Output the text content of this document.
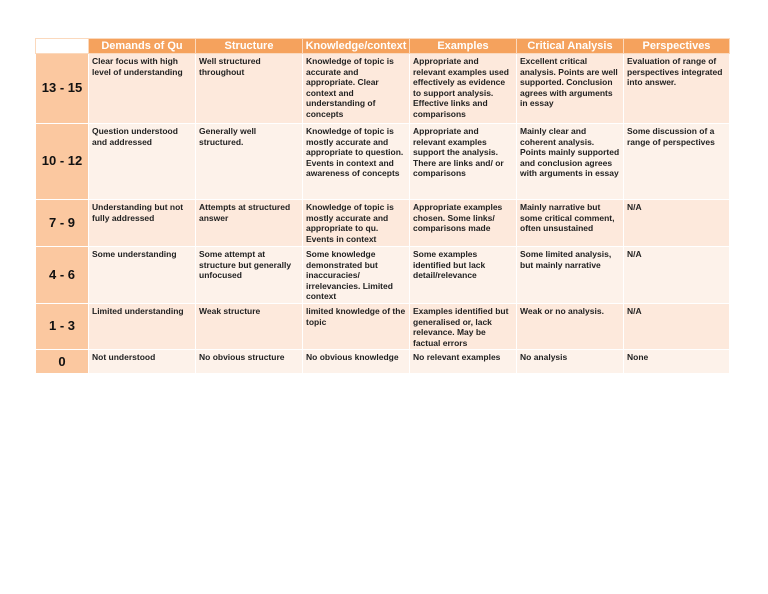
	Demands of Qu	Structure	Knowledge/context	Examples	Critical Analysis	Perspectives
13 - 15	Clear focus with high level of understanding	Well structured throughout	Knowledge of topic is accurate and appropriate. Clear context and understanding of concepts	Appropriate and relevant examples used effectively as evidence to support analysis. Effective links and comparisons	Excellent critical analysis. Points are well supported. Conclusion agrees with arguments in essay	Evaluation of range of perspectives integrated into answer.
10 - 12	Question understood and addressed	Generally well structured.	Knowledge of topic is mostly accurate and appropriate to question. Events in context and awareness of concepts	Appropriate and relevant examples support the analysis. There are links and/ or comparisons	Mainly clear and coherent analysis. Points mainly supported and conclusion agrees with arguments in essay	Some discussion of a range of perspectives
7 - 9	Understanding but not fully addressed	Attempts at structured answer	Knowledge of topic is mostly accurate and appropriate to qu. Events in context	Appropriate examples chosen. Some links/ comparisons made	Mainly narrative but some critical comment, often unsustained	N/A
4 - 6	Some understanding	Some attempt at structure but generally unfocused	Some knowledge demonstrated but inaccuracies/ irrelevancies. Limited context	Some examples identified but lack detail/relevance	Some limited analysis, but mainly narrative	N/A
1 - 3	Limited understanding	Weak structure	limited knowledge of the topic	Examples identified but generalised or, lack relevance. May be factual errors	Weak or no analysis.	N/A
0	Not understood	No obvious structure	No obvious knowledge	No relevant examples	No analysis	None
